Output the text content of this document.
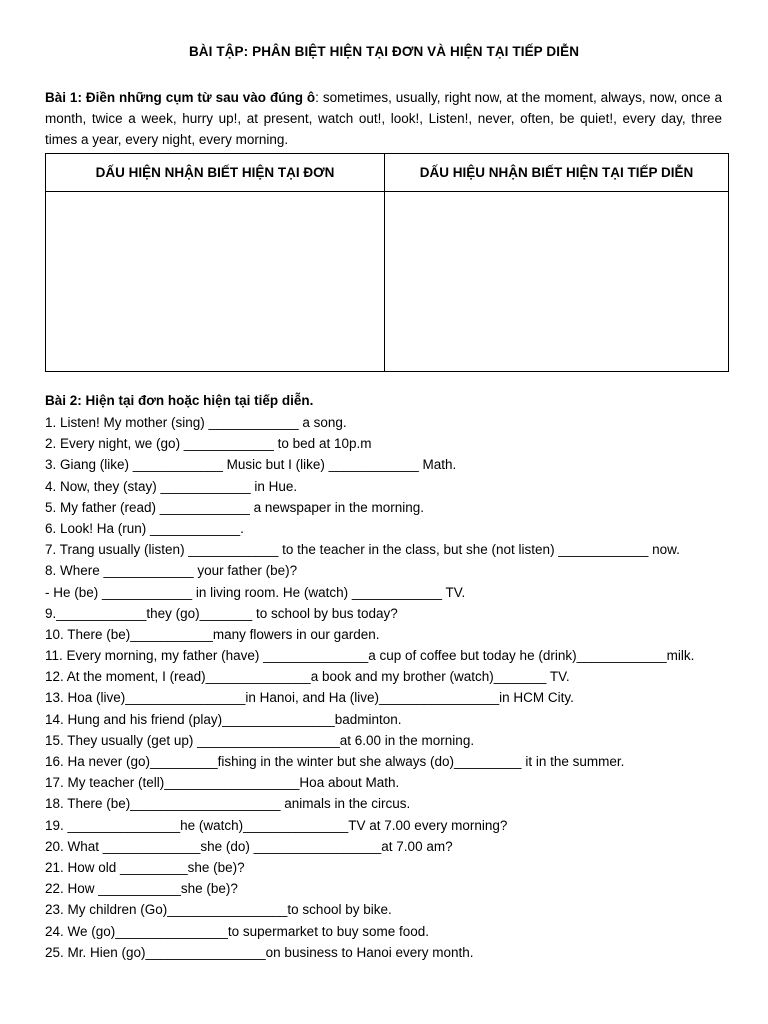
BÀI TẬP: PHÂN BIỆT HIỆN TẠI ĐƠN VÀ HIỆN TẠI TIẾP DIỄN
Bài 1: Điền những cụm từ sau vào đúng ô: sometimes, usually, right now, at the moment, always, now, once a month, twice a week, hurry up!, at present, watch out!, look!, Listen!, never, often, be quiet!, every day, three times a year, every night, every morning.
DẤU HIỆN NHẬN BIẾT HIỆN TẠI ĐƠN	DẤU HIỆU NHẬN BIẾT HIỆN TẠI TIẾP DIỄN

Bài 2: Hiện tại đơn hoặc hiện tại tiếp diễn.
1. Listen! My mother (sing) ____________ a song.
2. Every night, we (go) ____________ to bed at 10p.m
3. Giang (like) ____________ Music but I (like) ____________ Math.
4. Now, they (stay) ____________ in Hue.
5. My father (read) ____________ a newspaper in the morning.
6. Look! Ha (run) ____________.
7. Trang usually (listen) ____________ to the teacher in the class, but she (not listen) ____________ now.
8. Where ____________ your father (be)?
- He (be) ____________ in living room. He (watch) ____________ TV.
9.____________they (go)_______ to school by bus today?
10. There (be)___________many flowers in our garden.
11. Every morning, my father (have) ______________a cup of coffee but today he (drink)____________milk.
12. At the moment, I (read)______________a book and my brother (watch)_______ TV.
13. Hoa (live)________________in Hanoi, and Ha (live)________________in HCM City.
14. Hung and his friend (play)_______________badminton.
15. They usually (get up) ___________________at 6.00 in the morning.
16. Ha never (go)_________fishing in the winter but she always (do)_________ it in the summer.
17. My teacher (tell)__________________Hoa about Math.
18. There (be)____________________ animals in the circus.
19. _______________he (watch)______________TV at 7.00 every morning?
20. What _____________she (do) _________________at 7.00 am?
21. How old _________she (be)?
22. How ___________she (be)?
23. My children (Go)________________to school by bike.
24. We (go)_______________to supermarket to buy some food.
25. Mr. Hien (go)________________on business to Hanoi every month.
